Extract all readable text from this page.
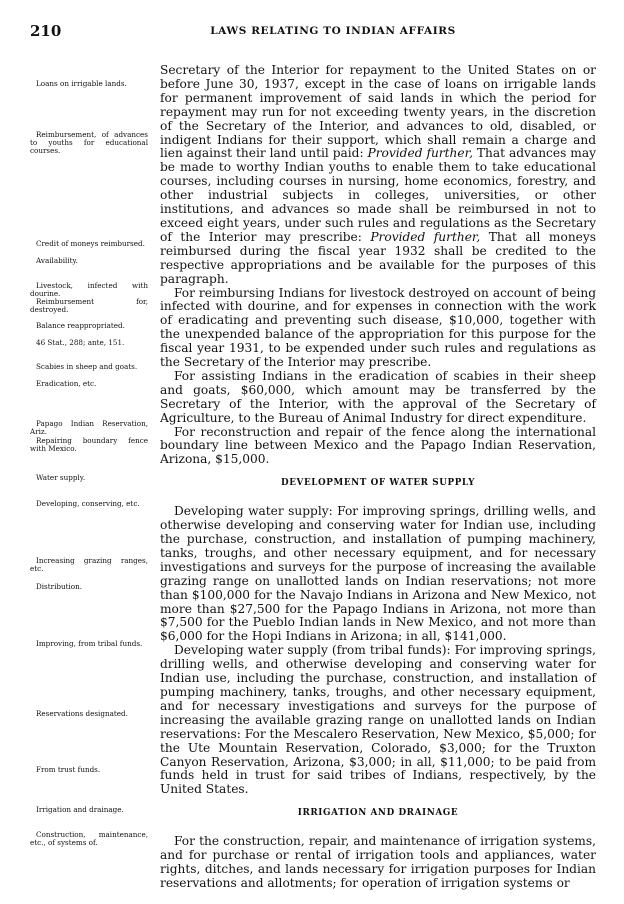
210	LAWS RELATING TO INDIAN AFFAIRS
Loans on irrigable lands.
Reimbursement, of advances to youths for educational courses.
Credit of moneys reimbursed.
Availability.
Livestock, infected with dourine.
Reimbursement for, destroyed.
Balance reappropriated.
46 Stat., 288; ante, 151.
Scabies in sheep and goats.
Eradication, etc.
Papago Indian Reservation, Ariz.
Repairing boundary fence with Mexico.
Water supply.
Developing, conserving, etc.
Increasing grazing ranges, etc.
Distribution.
Improving, from tribal funds.
Reservations designated.
From trust funds.
Irrigation and drainage.
Construction, maintenance, etc., of systems of.

Secretary of the Interior for repayment to the United States on or before June 30, 1937, except in the case of loans on irrigable lands for permanent improvement of said lands in which the period for repayment may run for not exceeding twenty years, in the discretion of the Secretary of the Interior, and advances to old, disabled, or indigent Indians for their support, which shall remain a charge and lien against their land until paid: Provided further, That advances may be made to worthy Indian youths to enable them to take educational courses, including courses in nursing, home economics, forestry, and other industrial subjects in colleges, universities, or other institutions, and advances so made shall be reimbursed in not to exceed eight years, under such rules and regulations as the Secretary of the Interior may prescribe: Provided further, That all moneys reimbursed during the fiscal year 1932 shall be credited to the respective appropriations and be available for the purposes of this paragraph.

For reimbursing Indians for livestock destroyed on account of being infected with dourine, and for expenses in connection with the work of eradicating and preventing such disease, $10,000, together with the unexpended balance of the appropriation for this purpose for the fiscal year 1931, to be expended under such rules and regulations as the Secretary of the Interior may prescribe.

For assisting Indians in the eradication of scabies in their sheep and goats, $60,000, which amount may be transferred by the Secretary of the Interior, with the approval of the Secretary of Agriculture, to the Bureau of Animal Industry for direct expenditure.

For reconstruction and repair of the fence along the international boundary line between Mexico and the Papago Indian Reservation, Arizona, $15,000.

DEVELOPMENT OF WATER SUPPLY

Developing water supply: For improving springs, drilling wells, and otherwise developing and conserving water for Indian use, including the purchase, construction, and installation of pumping machinery, tanks, troughs, and other necessary equipment, and for necessary investigations and surveys for the purpose of increasing the available grazing range on unallotted lands on Indian reservations; not more than $100,000 for the Navajo Indians in Arizona and New Mexico, not more than $27,500 for the Papago Indians in Arizona, not more than $7,500 for the Pueblo Indian lands in New Mexico, and not more than $6,000 for the Hopi Indians in Arizona; in all, $141,000.

Developing water supply (from tribal funds): For improving springs, drilling wells, and otherwise developing and conserving water for Indian use, including the purchase, construction, and installation of pumping machinery, tanks, troughs, and other necessary equipment, and for necessary investigations and surveys for the purpose of increasing the available grazing range on unallotted lands on Indian reservations: For the Mescalero Reservation, New Mexico, $5,000; for the Ute Mountain Reservation, Colorado, $3,000; for the Truxton Canyon Reservation, Arizona, $3,000; in all, $11,000; to be paid from funds held in trust for said tribes of Indians, respectively, by the United States.

IRRIGATION AND DRAINAGE

For the construction, repair, and maintenance of irrigation systems, and for purchase or rental of irrigation tools and appliances, water rights, ditches, and lands necessary for irrigation purposes for Indian reservations and allotments; for operation of irrigation systems or
